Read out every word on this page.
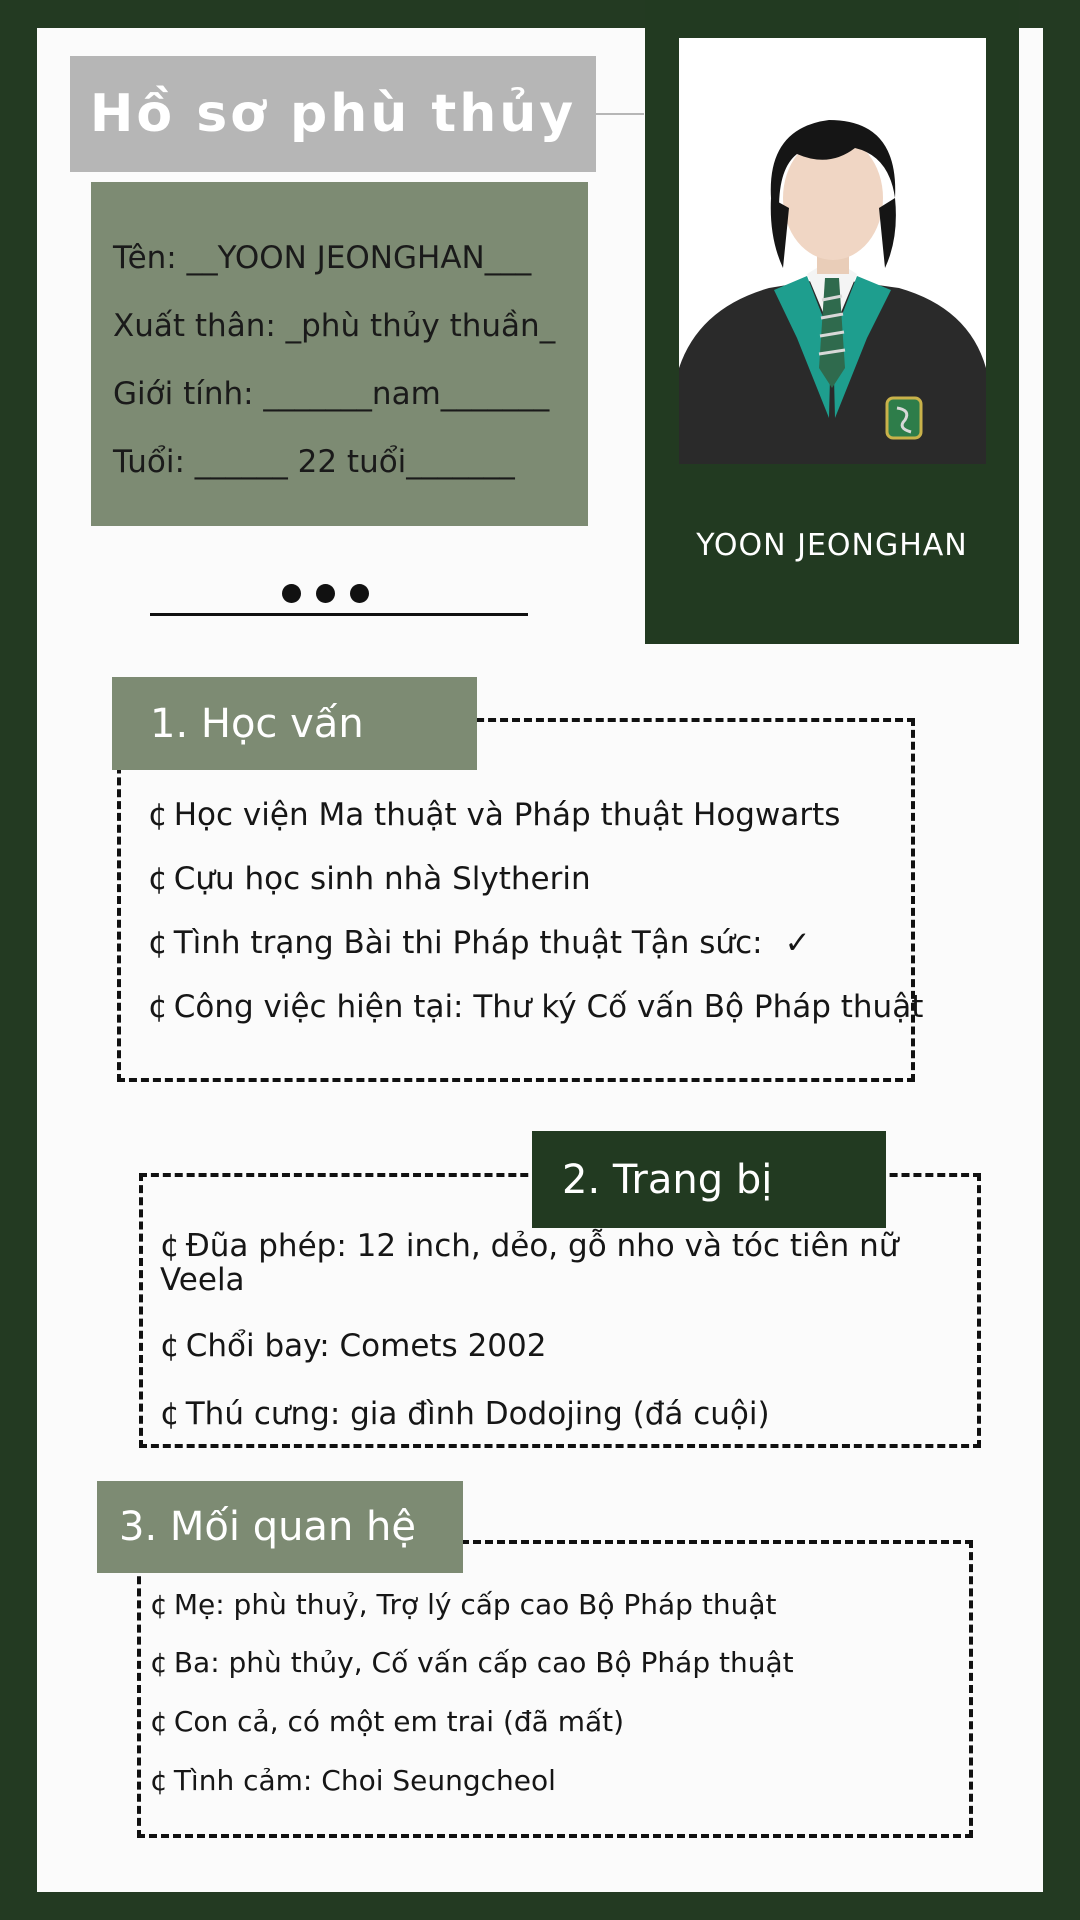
Hồ sơ phù thủy
Tên: __YOON JEONGHAN___
Xuất thân: _phù thủy thuần_
Giới tính: _______nam_______
Tuổi: ______ 22 tuổi_______
YOON JEONGHAN
1. Học vấn
¢ Học viện Ma thuật và Pháp thuật Hogwarts
¢ Cựu học sinh nhà Slytherin
¢ Tình trạng Bài thi Pháp thuật Tận sức: ✓
¢ Công việc hiện tại: Thư ký Cố vấn Bộ Pháp thuật
2. Trang bị
¢ Đũa phép: 12 inch, dẻo, gỗ nho và tóc tiên nữ Veela
¢ Chổi bay: Comets 2002
¢ Thú cưng: gia đình Dodojing (đá cuội)
3. Mối quan hệ
¢ Mẹ: phù thuỷ, Trợ lý cấp cao Bộ Pháp thuật
¢ Ba: phù thủy, Cố vấn cấp cao Bộ Pháp thuật
¢ Con cả, có một em trai (đã mất)
¢ Tình cảm: Choi Seungcheol
